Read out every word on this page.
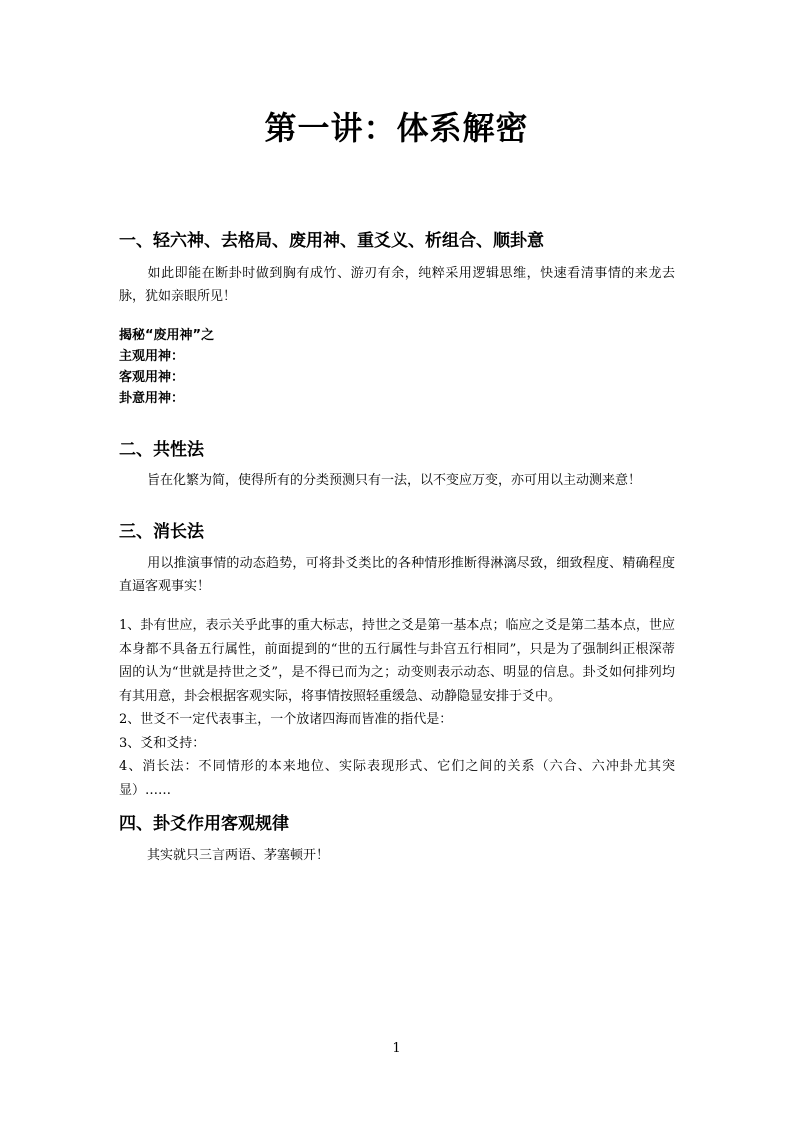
第一讲：体系解密
一、轻六神、去格局、废用神、重爻义、析组合、顺卦意
如此即能在断卦时做到胸有成竹、游刃有余，纯粹采用逻辑思维，快速看清事情的来龙去脉，犹如亲眼所见！
揭秘“废用神”之
主观用神：
客观用神：
卦意用神：
二、共性法
旨在化繁为简，使得所有的分类预测只有一法，以不变应万变，亦可用以主动测来意！
三、消长法
用以推演事情的动态趋势，可将卦爻类比的各种情形推断得淋漓尽致，细致程度、精确程度直逼客观事实！
1、卦有世应，表示关乎此事的重大标志，持世之爻是第一基本点；临应之爻是第二基本点，世应本身都不具备五行属性，前面提到的“世的五行属性与卦宫五行相同”，只是为了强制纠正根深蒂固的认为“世就是持世之爻”，是不得已而为之；动变则表示动态、明显的信息。卦爻如何排列均有其用意，卦会根据客观实际，将事情按照轻重缓急、动静隐显安排于爻中。
2、世爻不一定代表事主，一个放诸四海而皆准的指代是：
3、爻和爻持：
4、消长法：不同情形的本来地位、实际表现形式、它们之间的关系（六合、六冲卦尤其突显）……
四、卦爻作用客观规律
其实就只三言两语、茅塞顿开！
1
